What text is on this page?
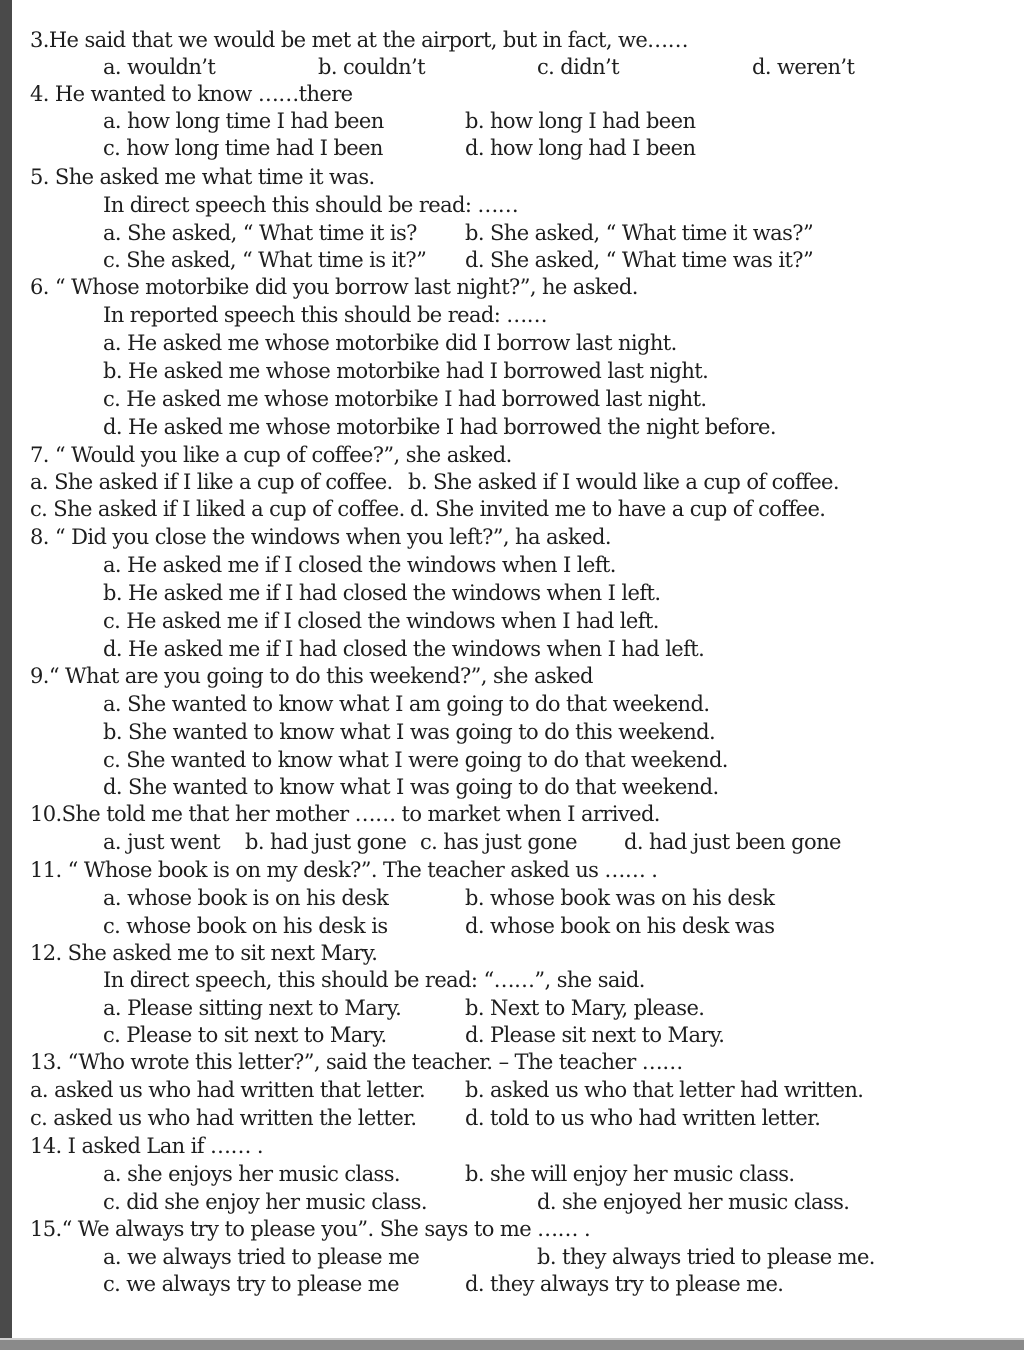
3.He said that we would be met at the airport, but in fact, we……
a. wouldn’t	b. couldn’t	c. didn’t	d. weren’t
4. He wanted to know ……there
a. how long time I had been	b. how long I had been
c. how long time had I been	d. how long had I been
5. She asked me what time it was.
In direct speech this should be read: ……
a. She asked, “ What time it is? b. She asked, “ What time it was?”
c. She asked, “ What time is it?” d. She asked, “ What time was it?”
6. “ Whose motorbike did you borrow last night?”, he asked.
In reported speech this should be read: ……
a. He asked me whose motorbike did I borrow last night.
b. He asked me whose motorbike had I borrowed last night.
c. He asked me whose motorbike I had borrowed last night.
d. He asked me whose motorbike I had borrowed the night before.
7. “ Would you like a cup of coffee?”, she asked.
a. She asked if I like a cup of coffee. b. She asked if I would like a cup of coffee.
c. She asked if I liked a cup of coffee. d. She invited me to have a cup of coffee.
8. “ Did you close the windows when you left?”, ha asked.
a. He asked me if I closed the windows when I left.
b. He asked me if I had closed the windows when I left.
c. He asked me if I closed the windows when I had left.
d. He asked me if I had closed the windows when I had left.
9.“ What are you going to do this weekend?”, she asked
a. She wanted to know what I am going to do that weekend.
b. She wanted to know what I was going to do this weekend.
c. She wanted to know what I were going to do that weekend.
d. She wanted to know what I was going to do that weekend.
10.She told me that her mother …… to market when I arrived.
a. just went b. had just gone c. has just gone d. had just been gone
11. “ Whose book is on my desk?”. The teacher asked us …… .
a. whose book is on his desk	b. whose book was on his desk
c. whose book on his desk is	d. whose book on his desk was
12. She asked me to sit next Mary.
In direct speech, this should be read: “……”, she said.
a. Please sitting next to Mary.	b. Next to Mary, please.
c. Please to sit next to Mary.	d. Please sit next to Mary.
13. “Who wrote this letter?”, said the teacher. – The teacher ……
a. asked us who had written that letter. b. asked us who that letter had written.
c. asked us who had written the letter. d. told to us who had written letter.
14. I asked Lan if …… .
a. she enjoys her music class.	b. she will enjoy her music class.
c. did she enjoy her music class.	d. she enjoyed her music class.
15.“ We always try to please you”. She says to me …… .
a. we always tried to please me	b. they always tried to please me.
c. we always try to please me	d. they always try to please me.
